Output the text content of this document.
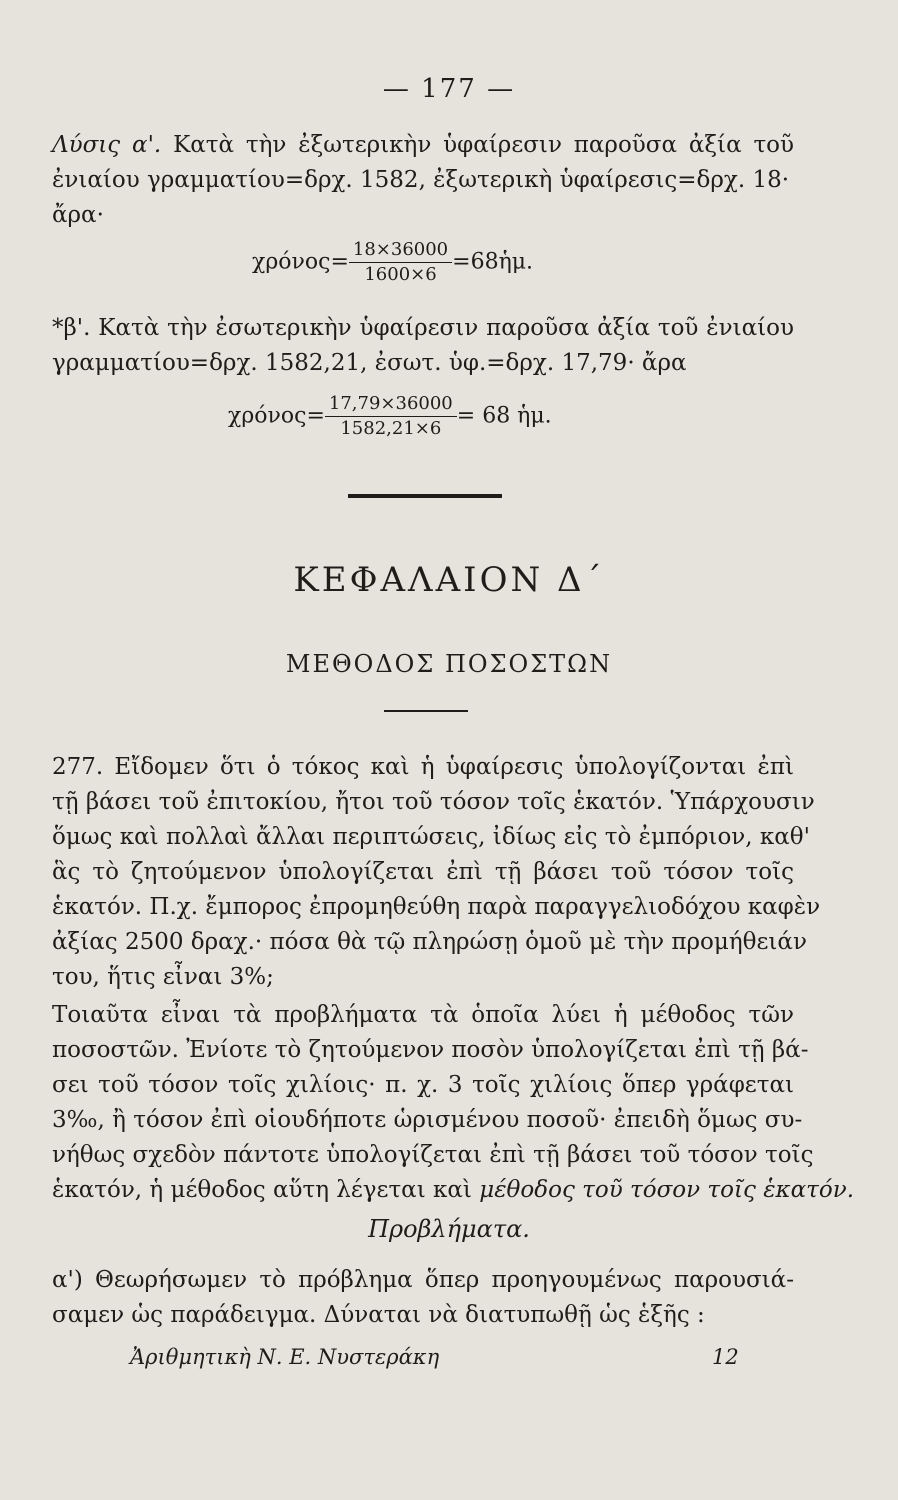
— 177 —
Λύσις α'. Κατὰ τὴν ἐξωτερικὴν ὑφαίρεσιν παροῦσα ἀξία τοῦ
ἐνιαίου γραμματίου=δρχ. 1582, ἐξωτερικὴ ὑφαίρεσις=δρχ. 18·
ἄρα·
$\chi\rho ό\nu o\varsigma= \frac{18\times 36000}{1600\times 6}$ =68ἡμ.
*β'. Κατὰ τὴν ἐσωτερικὴν ὑφαίρεσιν παροῦσα ἀξία τοῦ ἐνιαίου
γραμματίου=δρχ. 1582,21, ἐσωτ. ὑφ.=δρχ. 17,79· ἄρα
$\chi\rho ό\nu o\varsigma= \frac{17,79\times 36000}{1582,21\times 6} = 68$ ἡμ.
ΚΕΦΑΛΑΙΟΝ Δ΄
ΜΕΘΟΔΟΣ ΠΟΣΟΣΤΩΝ
277. Εἴδομεν ὅτι ὁ τόκος καὶ ἡ ὑφαίρεσις ὑπολογίζονται ἐπὶ
τῇ βάσει τοῦ ἐπιτοκίου, ἤτοι τοῦ τόσον τοῖς ἑκατόν. Ὑπάρχουσιν
ὅμως καὶ πολλαὶ ἄλλαι περιπτώσεις, ἰδίως εἰς τὸ ἐμπόριον, καθ'
ἃς τὸ ζητούμενον ὑπολογίζεται ἐπὶ τῇ βάσει τοῦ τόσον τοῖς
ἑκατόν. Π.χ. ἔμπορος ἐπρομηθεύθη παρὰ παραγγελιοδόχου καφὲν
ἀξίας 2500 δραχ.· πόσα θὰ τῷ πληρώσῃ ὁμοῦ μὲ τὴν προμήθειάν
του, ἥτις εἶναι 3%;
Τοιαῦτα εἶναι τὰ προβλήματα τὰ ὁποῖα λύει ἡ μέθοδος τῶν
ποσοστῶν. Ἐνίοτε τὸ ζητούμενον ποσὸν ὑπολογίζεται ἐπὶ τῇ βά-
σει τοῦ τόσον τοῖς χιλίοις· π. χ. 3 τοῖς χιλίοις ὅπερ γράφεται
3‰, ἢ τόσον ἐπὶ οἱουδήποτε ὡρισμένου ποσοῦ· ἐπειδὴ ὅμως συ-
νήθως σχεδὸν πάντοτε ὑπολογίζεται ἐπὶ τῇ βάσει τοῦ τόσον τοῖς
ἑκατόν, ἡ μέθοδος αὕτη λέγεται καὶ μέθοδος τοῦ τόσον τοῖς ἑκατόν.
Προβλήματα.
α') Θεωρήσωμεν τὸ πρόβλημα ὅπερ προηγουμένως παρουσιά-
σαμεν ὡς παράδειγμα. Δύναται νὰ διατυπωθῇ ὡς ἑξῆς :
Ἀριθμητικὴ Ν. Ε. Νυστεράκη	12
